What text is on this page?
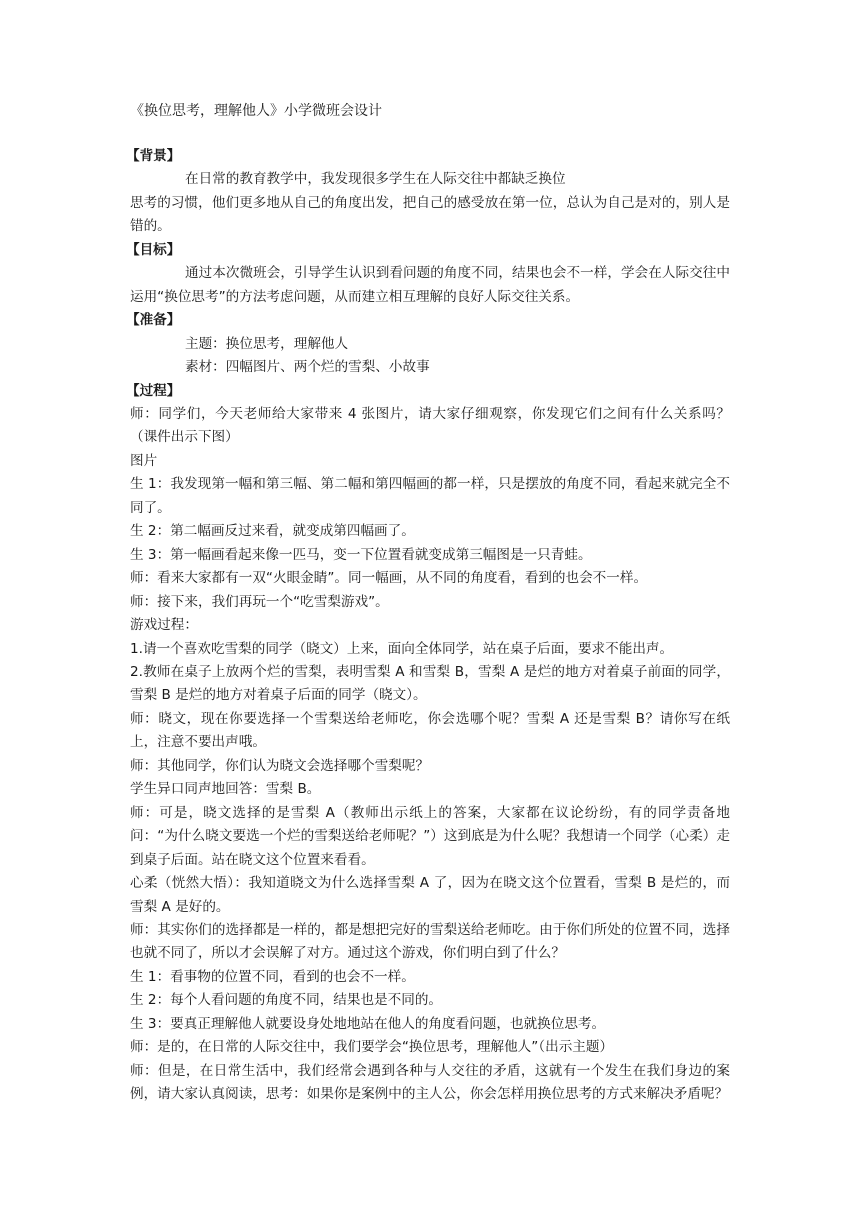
《换位思考，理解他人》小学微班会设计

【背景】

在日常的教育教学中，我发现很多学生在人际交往中都缺乏换位

思考的习惯，他们更多地从自己的角度出发，把自己的感受放在第一位，总认为自己是对的，别人是错的。

【目标】

通过本次微班会，引导学生认识到看问题的角度不同，结果也会不一样，学会在人际交往中运用“换位思考”的方法考虑问题，从而建立相互理解的良好人际交往关系。

【准备】

主题：换位思考，理解他人

素材：四幅图片、两个烂的雪梨、小故事

【过程】

师：同学们，今天老师给大家带来 4 张图片，请大家仔细观察，你发现它们之间有什么关系吗？（课件出示下图）

图片

生 1：我发现第一幅和第三幅、第二幅和第四幅画的都一样，只是摆放的角度不同，看起来就完全不同了。

生 2：第二幅画反过来看，就变成第四幅画了。

生 3：第一幅画看起来像一匹马，变一下位置看就变成第三幅图是一只青蛙。

师：看来大家都有一双“火眼金睛”。同一幅画，从不同的角度看，看到的也会不一样。

师：接下来，我们再玩一个“吃雪梨游戏”。

游戏过程：

1.请一个喜欢吃雪梨的同学（晓文）上来，面向全体同学，站在桌子后面，要求不能出声。

2.教师在桌子上放两个烂的雪梨，表明雪梨 A 和雪梨 B，雪梨 A 是烂的地方对着桌子前面的同学，雪梨 B 是烂的地方对着桌子后面的同学（晓文）。

师：晓文，现在你要选择一个雪梨送给老师吃，你会选哪个呢？雪梨 A 还是雪梨 B？请你写在纸上，注意不要出声哦。

师：其他同学，你们认为晓文会选择哪个雪梨呢？

学生异口同声地回答：雪梨 B。

师：可是，晓文选择的是雪梨 A（教师出示纸上的答案，大家都在议论纷纷，有的同学责备地问：“为什么晓文要选一个烂的雪梨送给老师呢？”）这到底是为什么呢？我想请一个同学（心柔）走到桌子后面。站在晓文这个位置来看看。

心柔（恍然大悟）：我知道晓文为什么选择雪梨 A 了，因为在晓文这个位置看，雪梨 B 是烂的，而雪梨 A 是好的。

师：其实你们的选择都是一样的，都是想把完好的雪梨送给老师吃。由于你们所处的位置不同，选择也就不同了，所以才会误解了对方。通过这个游戏，你们明白到了什么？

生 1：看事物的位置不同，看到的也会不一样。

生 2：每个人看问题的角度不同，结果也是不同的。

生 3：要真正理解他人就要设身处地地站在他人的角度看问题，也就换位思考。

师：是的，在日常的人际交往中，我们要学会“换位思考，理解他人”（出示主题）

师：但是，在日常生活中，我们经常会遇到各种与人交往的矛盾，这就有一个发生在我们身边的案例，请大家认真阅读，思考：如果你是案例中的主人公，你会怎样用换位思考的方式来解决矛盾呢？
